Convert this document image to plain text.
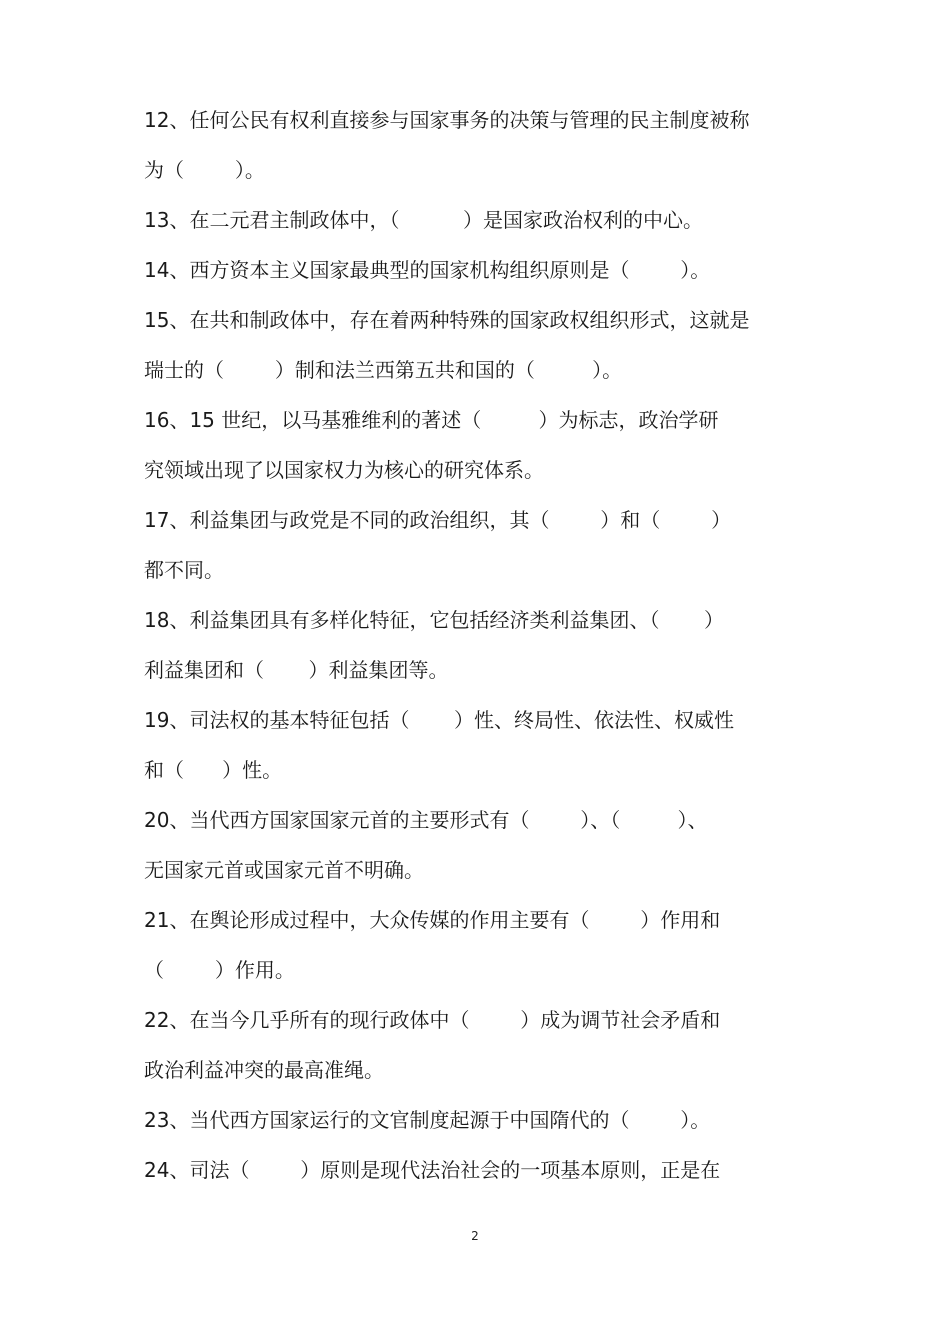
12、任何公民有权利直接参与国家事务的决策与管理的民主制度被称
为（        ）。
13、在二元君主制政体中，（          ）是国家政治权利的中心。
14、西方资本主义国家最典型的国家机构组织原则是（        ）。
15、在共和制政体中，存在着两种特殊的国家政权组织形式，这就是
瑞士的（        ）制和法兰西第五共和国的（         ）。
16、15 世纪，以马基雅维利的著述（         ）为标志，政治学研
究领域出现了以国家权力为核心的研究体系。
17、利益集团与政党是不同的政治组织，其（        ）和（        ）
都不同。
18、利益集团具有多样化特征，它包括经济类利益集团、（       ）
利益集团和（       ）利益集团等。
19、司法权的基本特征包括（       ）性、终局性、依法性、权威性
和（      ）性。
20、当代西方国家国家元首的主要形式有（        ）、（         ）、
无国家元首或国家元首不明确。
21、在舆论形成过程中，大众传媒的作用主要有（        ）作用和
（        ）作用。
22、在当今几乎所有的现行政体中（        ）成为调节社会矛盾和
政治利益冲突的最高准绳。
23、当代西方国家运行的文官制度起源于中国隋代的（        ）。
24、司法（        ）原则是现代法治社会的一项基本原则，正是在
2
